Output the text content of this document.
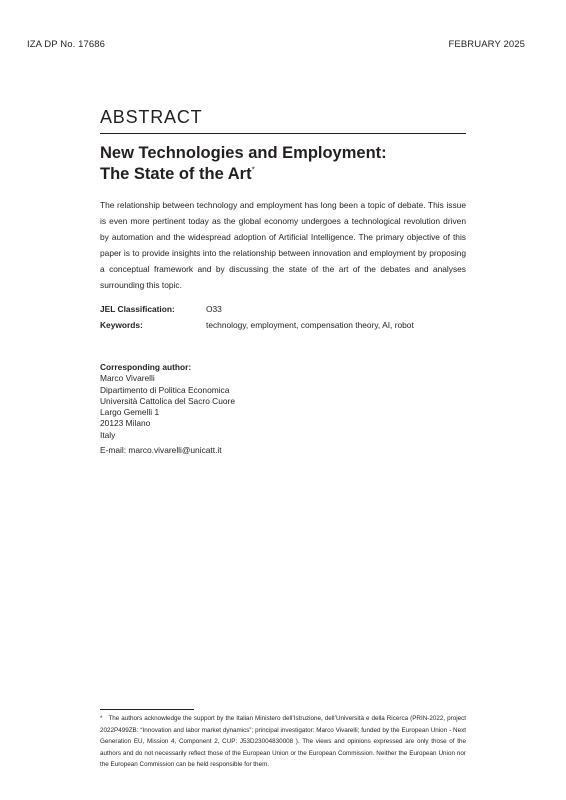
IZA DP No. 17686	FEBRUARY 2025
ABSTRACT
New Technologies and Employment:
The State of the Art*

The relationship between technology and employment has long been a topic of debate. This issue is even more pertinent today as the global economy undergoes a technological revolution driven by automation and the widespread adoption of Artificial Intelligence. The primary objective of this paper is to provide insights into the relationship between innovation and employment by proposing a conceptual framework and by discussing the state of the art of the debates and analyses surrounding this topic.

JEL Classification:	O33
Keywords:	technology, employment, compensation theory, AI, robot
Corresponding author:
Marco Vivarelli
Dipartimento di Politica Economica
Università Cattolica del Sacro Cuore
Largo Gemelli 1
20123 Milano
Italy
E-mail: marco.vivarelli@unicatt.it

* The authors acknowledge the support by the Italian Ministero dell’Istruzione, dell’Università e della Ricerca (PRIN-2022, project 2022P499ZB: “Innovation and labor market dynamics”; principal investigator: Marco Vivarelli; funded by the European Union - Next Generation EU, Mission 4, Component 2, CUP: J53D23004830008 ). The views and opinions expressed are only those of the authors and do not necessarily reflect those of the European Union or the European Commission. Neither the European Union nor the European Commission can be held responsible for them.
